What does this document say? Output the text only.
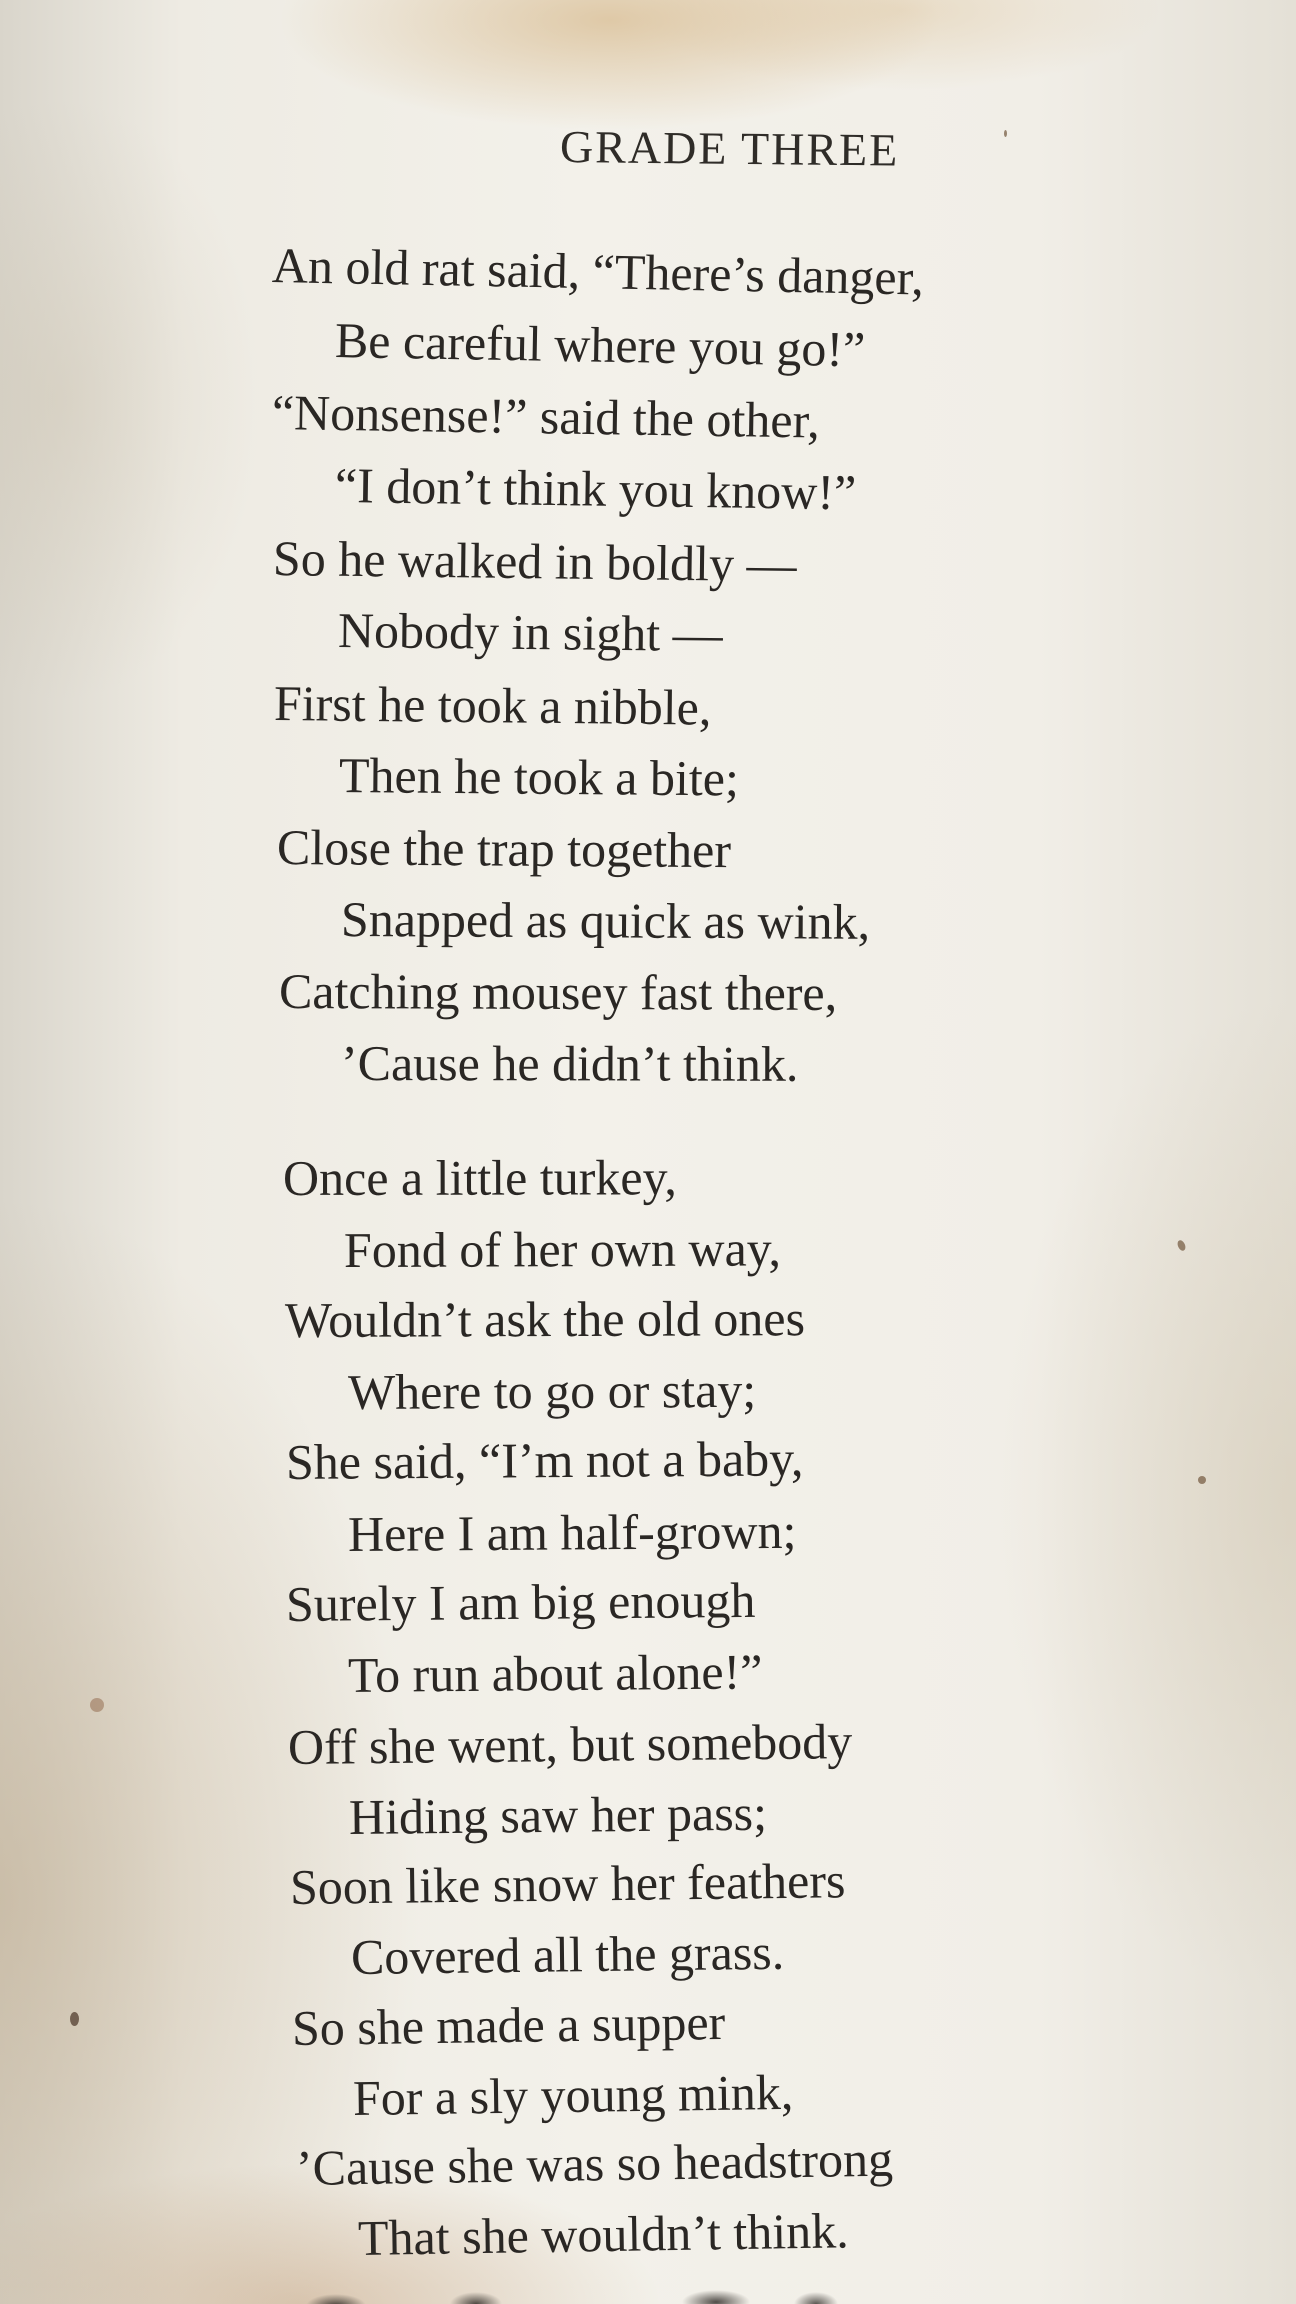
GRADE THREE
An old rat said, “There’s danger,
Be careful where you go!”
“Nonsense!” said the other,
“I don’t think you know!”
So he walked in boldly —
Nobody in sight —
First he took a nibble,
Then he took a bite;
Close the trap together
Snapped as quick as wink,
Catching mousey fast there,
’Cause he didn’t think.
Once a little turkey,
Fond of her own way,
Wouldn’t ask the old ones
Where to go or stay;
She said, “I’m not a baby,
Here I am half-grown;
Surely I am big enough
To run about alone!”
Off she went, but somebody
Hiding saw her pass;
Soon like snow her feathers
Covered all the grass.
So she made a supper
For a sly young mink,
’Cause she was so headstrong
That she wouldn’t think.
